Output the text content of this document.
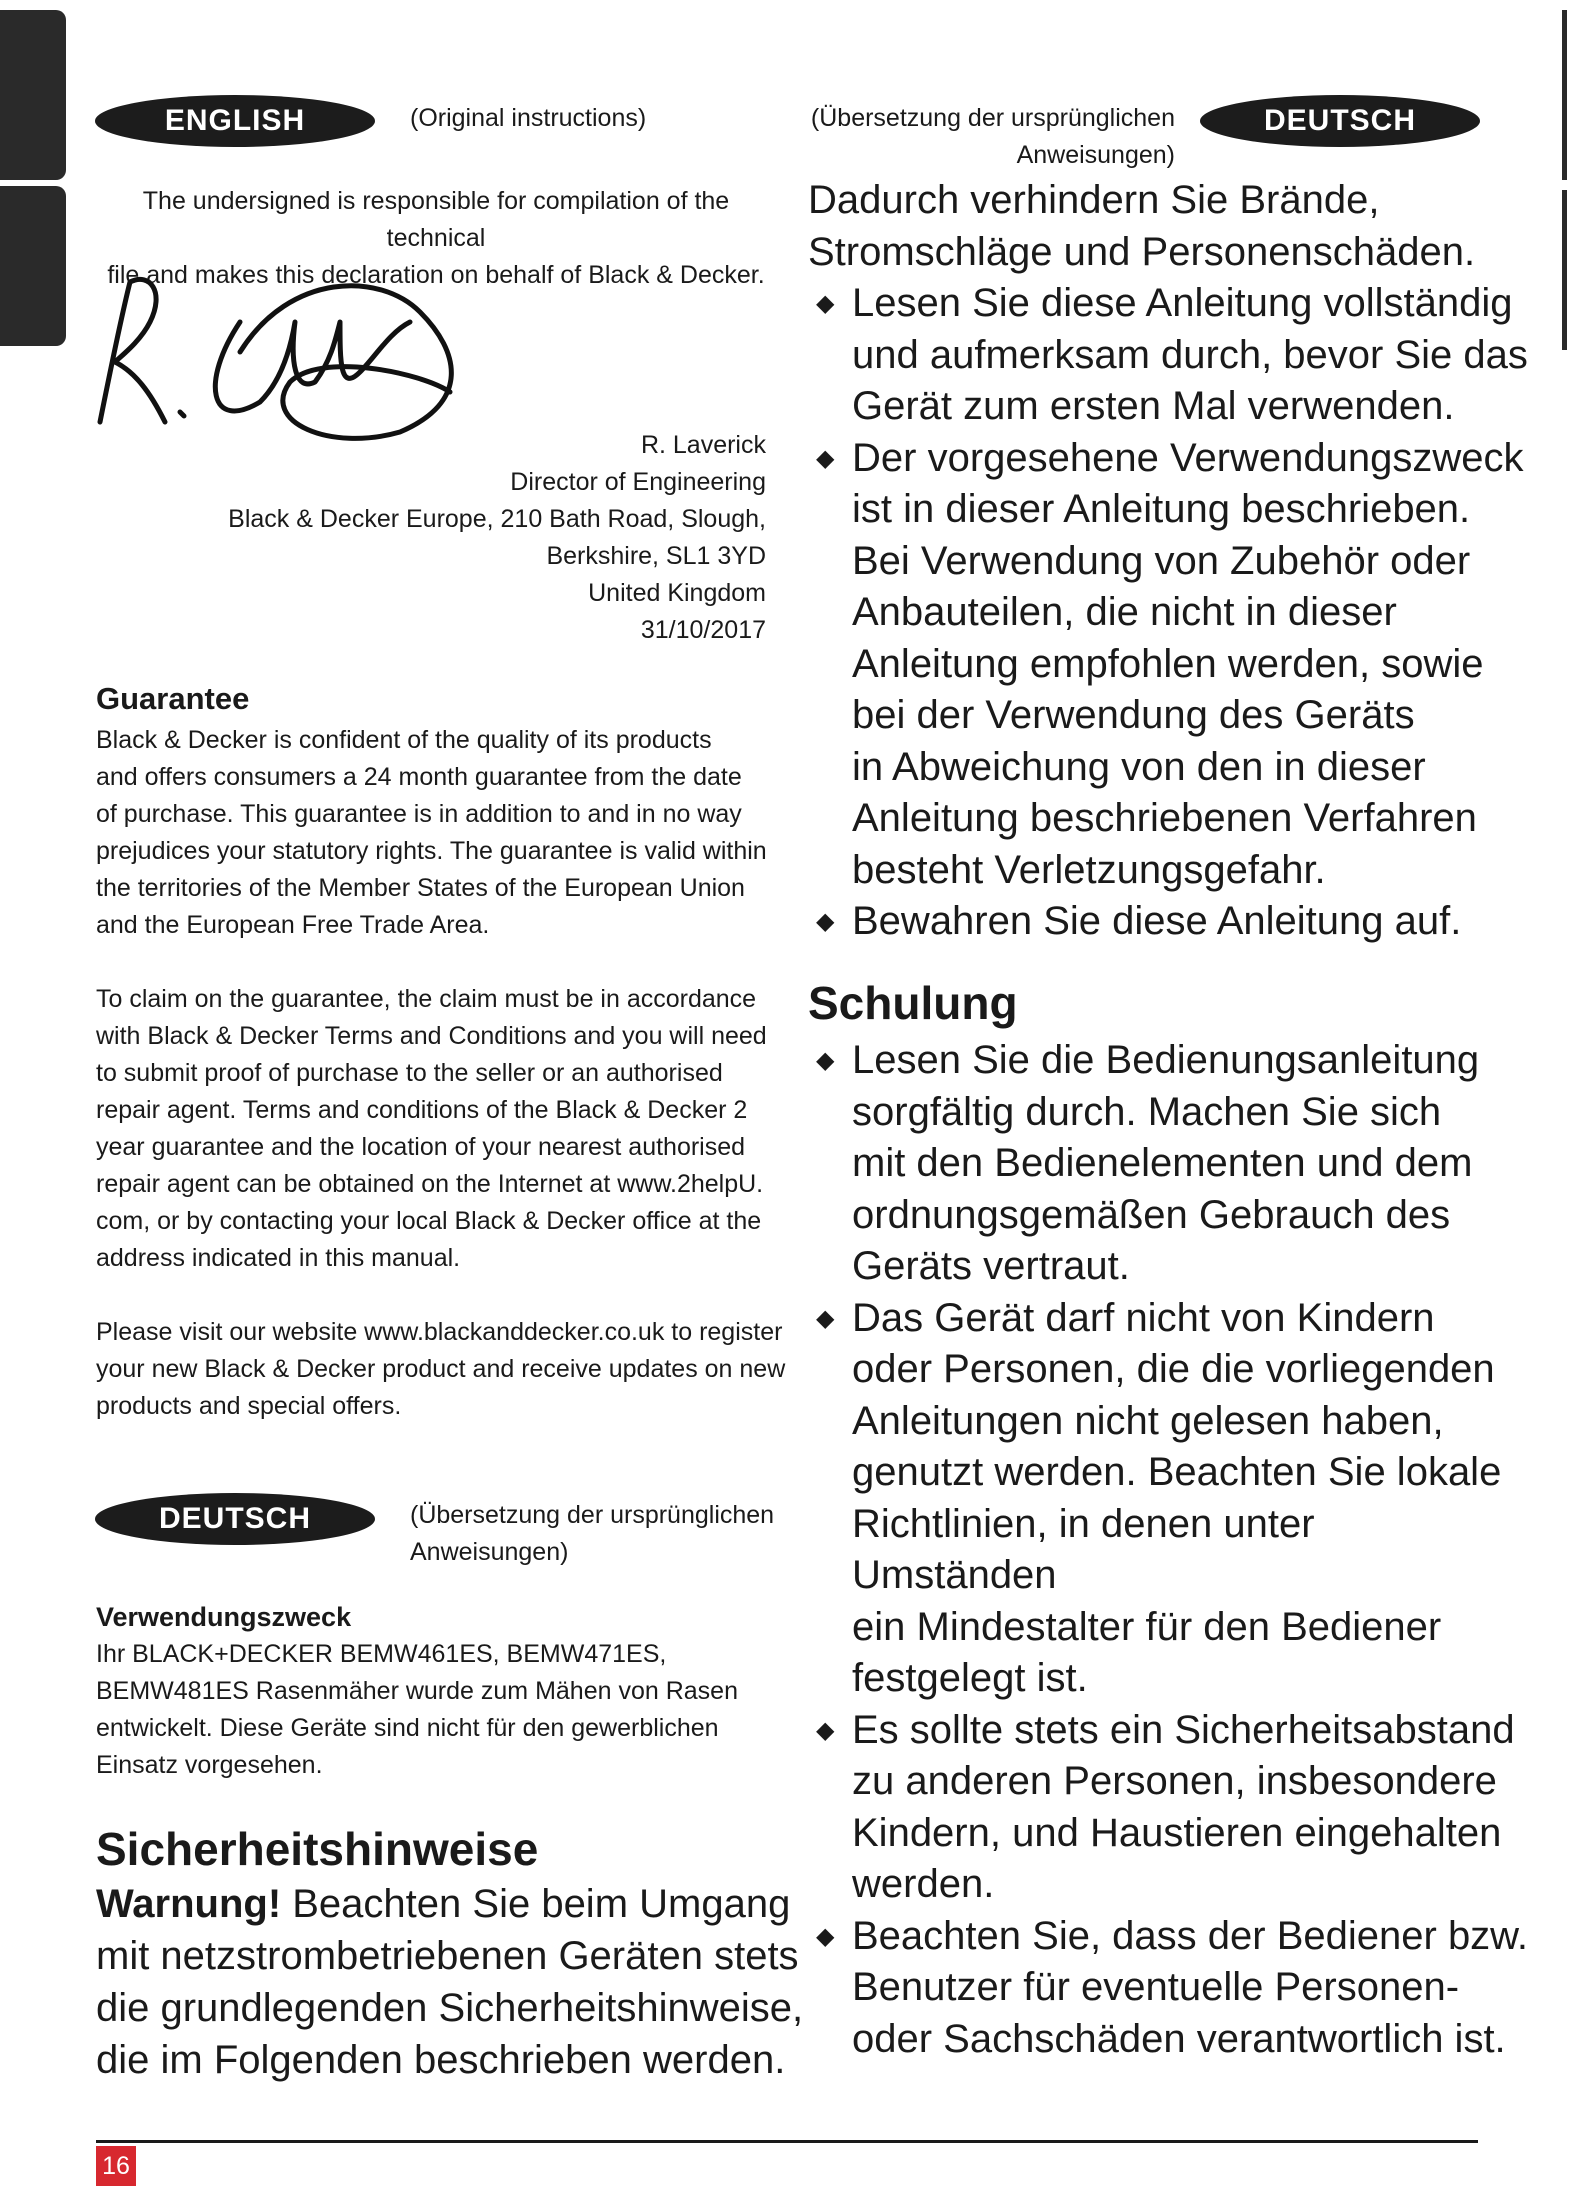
ENGLISH	(Original instructions)
The undersigned is responsible for compilation of the technical
file and makes this declaration on behalf of Black & Decker.
R. Laverick
Director of Engineering
Black & Decker Europe, 210 Bath Road, Slough,
Berkshire, SL1 3YD
United Kingdom
31/10/2017
Guarantee
Black & Decker is confident of the quality of its products
and offers consumers a 24 month guarantee from the date
of purchase. This guarantee is in addition to and in no way
prejudices your statutory rights. The guarantee is valid within
the territories of the Member States of the European Union
and the European Free Trade Area.
To claim on the guarantee, the claim must be in accordance
with Black & Decker Terms and Conditions and you will need
to submit proof of purchase to the seller or an authorised
repair agent. Terms and conditions of the Black & Decker 2
year guarantee and the location of your nearest authorised
repair agent can be obtained on the Internet at www.2helpU.
com, or by contacting your local Black & Decker office at the
address indicated in this manual.
Please visit our website www.blackanddecker.co.uk to register
your new Black & Decker product and receive updates on new
products and special offers.
DEUTSCH	(Übersetzung der ursprünglichen
Anweisungen)
Verwendungszweck
Ihr BLACK+DECKER BEMW461ES, BEMW471ES,
BEMW481ES Rasenmäher wurde zum Mähen von Rasen
entwickelt. Diese Geräte sind nicht für den gewerblichen
Einsatz vorgesehen.
Sicherheitshinweise
Warnung! Beachten Sie beim Umgang
mit netzstrombetriebenen Geräten stets
die grundlegenden Sicherheitshinweise,
die im Folgenden beschrieben werden.
(Übersetzung der ursprünglichen
Anweisungen)
DEUTSCH
Dadurch verhindern Sie Brände,
Stromschläge und Personenschäden.
◆ Lesen Sie diese Anleitung vollständig
und aufmerksam durch, bevor Sie das
Gerät zum ersten Mal verwenden.
◆ Der vorgesehene Verwendungszweck
ist in dieser Anleitung beschrieben.
Bei Verwendung von Zubehör oder
Anbauteilen, die nicht in dieser
Anleitung empfohlen werden, sowie
bei der Verwendung des Geräts
in Abweichung von den in dieser
Anleitung beschriebenen Verfahren
besteht Verletzungsgefahr.
◆ Bewahren Sie diese Anleitung auf.
Schulung
◆ Lesen Sie die Bedienungsanleitung
sorgfältig durch. Machen Sie sich
mit den Bedienelementen und dem
ordnungsgemäßen Gebrauch des
Geräts vertraut.
◆ Das Gerät darf nicht von Kindern
oder Personen, die die vorliegenden
Anleitungen nicht gelesen haben,
genutzt werden. Beachten Sie lokale
Richtlinien, in denen unter Umständen
ein Mindestalter für den Bediener
festgelegt ist.
◆ Es sollte stets ein Sicherheitsabstand
zu anderen Personen, insbesondere
Kindern, und Haustieren eingehalten
werden.
◆ Beachten Sie, dass der Bediener bzw.
Benutzer für eventuelle Personen-
oder Sachschäden verantwortlich ist.
16
